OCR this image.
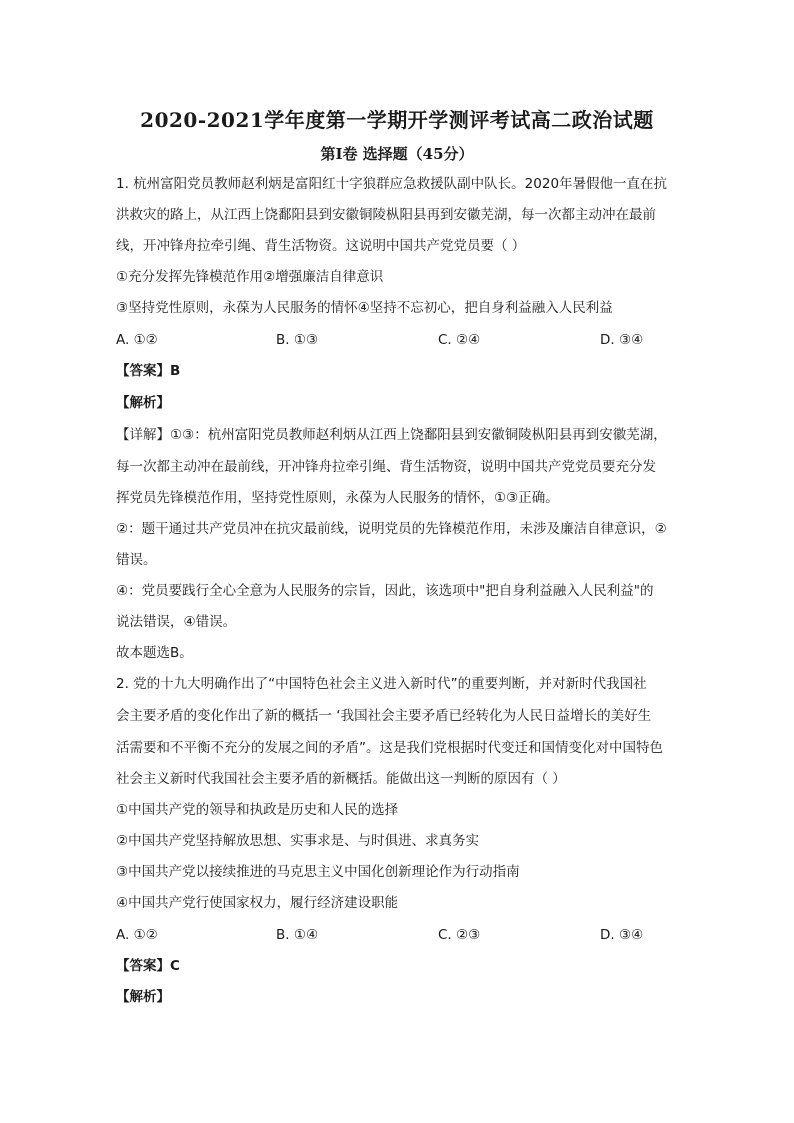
2020-2021学年度第一学期开学测评考试高二政治试题
第Ⅰ卷 选择题（45分）
1. 杭州富阳党员教师赵利炳是富阳红十字狼群应急救援队副中队长。2020年暑假他一直在抗
洪救灾的路上，从江西上饶鄱阳县到安徽铜陵枞阳县再到安徽芜湖，每一次都主动冲在最前
线，开冲锋舟拉牵引绳、背生活物资。这说明中国共产党党员要（ ）
①充分发挥先锋模范作用②增强廉洁自律意识
③坚持党性原则，永葆为人民服务的情怀④坚持不忘初心，把自身利益融入人民利益
A. ①②	B. ①③	C. ②④	D. ③④
【答案】B
【解析】
【详解】①③：杭州富阳党员教师赵利炳从江西上饶鄱阳县到安徽铜陵枞阳县再到安徽芜湖，
每一次都主动冲在最前线，开冲锋舟拉牵引绳、背生活物资，说明中国共产党党员要充分发
挥党员先锋模范作用，坚持党性原则，永葆为人民服务的情怀，①③正确。
②：题干通过共产党员冲在抗灾最前线，说明党员的先锋模范作用，未涉及廉洁自律意识，②
错误。
④：党员要践行全心全意为人民服务的宗旨，因此，该选项中"把自身利益融入人民利益"的
说法错误，④错误。
故本题选B。
2. 党的十九大明确作出了“中国特色社会主义进入新时代”的重要判断，并对新时代我国社
会主要矛盾的变化作出了新的概括一 ‘我国社会主要矛盾已经转化为人民日益增长的美好生
活需要和不平衡不充分的发展之间的矛盾”。这是我们党根据时代变迁和国情变化对中国特色
社会主义新时代我国社会主要矛盾的新概括。能做出这一判断的原因有（ ）
①中国共产党的领导和执政是历史和人民的选择
②中国共产党坚持解放思想、实事求是、与时俱进、求真务实
③中国共产党以接续推进的马克思主义中国化创新理论作为行动指南
④中国共产党行使国家权力，履行经济建设职能
A. ①②	B. ①④	C. ②③	D. ③④
【答案】C
【解析】
